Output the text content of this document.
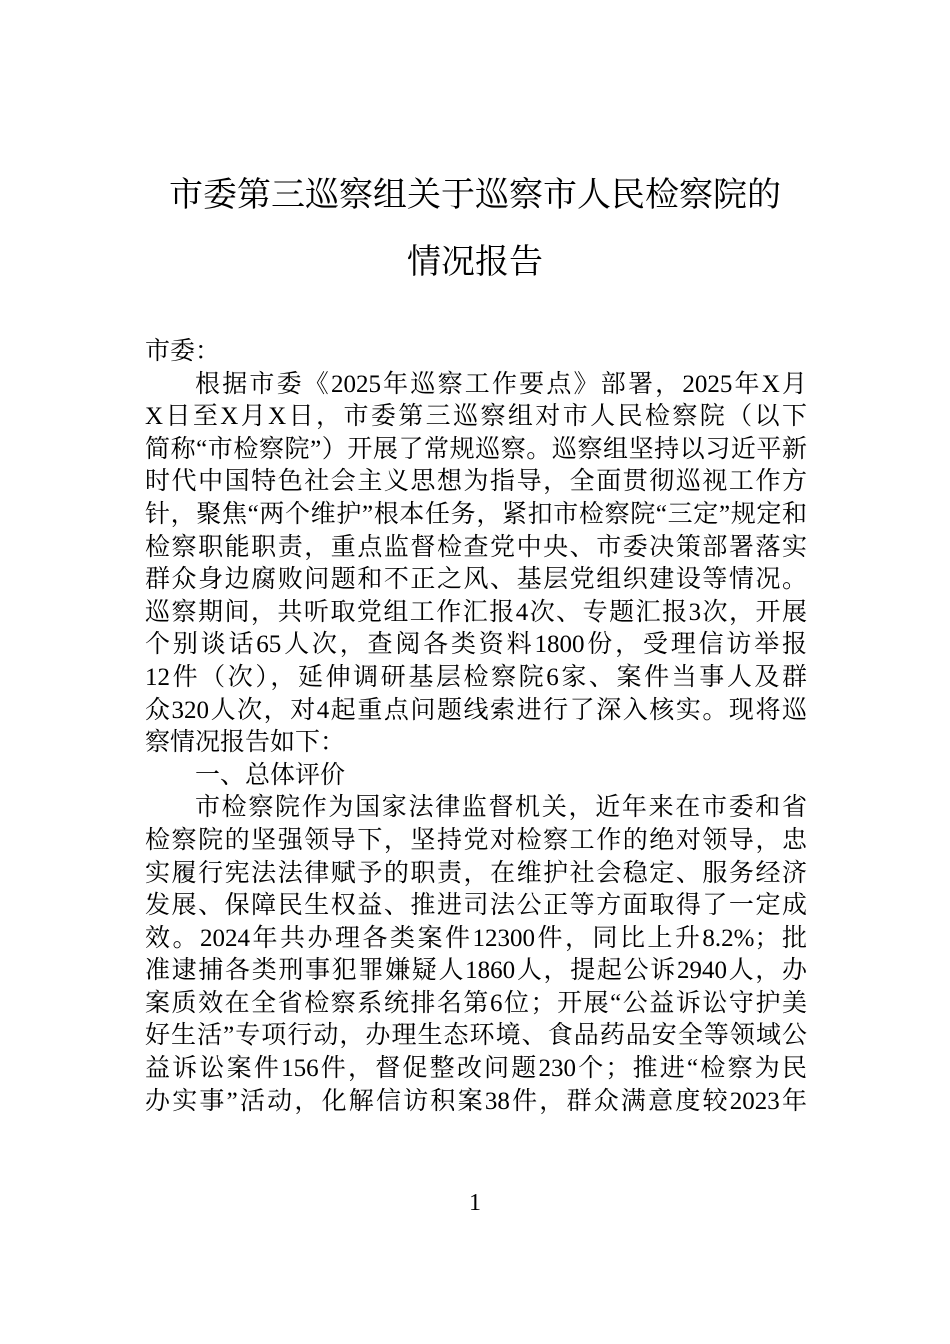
市委第三巡察组关于巡察市人民检察院的
情况报告
市委：
根据市委《2025年巡察工作要点》部署，2025年X月
X日至X月X日，市委第三巡察组对市人民检察院（以下
简称“市检察院”）开展了常规巡察。巡察组坚持以习近平新
时代中国特色社会主义思想为指导，全面贯彻巡视工作方
针，聚焦“两个维护”根本任务，紧扣市检察院“三定”规定和
检察职能职责，重点监督检查党中央、市委决策部署落实
群众身边腐败问题和不正之风、基层党组织建设等情况。
巡察期间，共听取党组工作汇报4次、专题汇报3次，开展
个别谈话65人次，查阅各类资料1800份，受理信访举报
12件（次），延伸调研基层检察院6家、案件当事人及群
众320人次，对4起重点问题线索进行了深入核实。现将巡
察情况报告如下：
一、总体评价
市检察院作为国家法律监督机关，近年来在市委和省
检察院的坚强领导下，坚持党对检察工作的绝对领导，忠
实履行宪法法律赋予的职责，在维护社会稳定、服务经济
发展、保障民生权益、推进司法公正等方面取得了一定成
效。2024年共办理各类案件12300件，同比上升8.2%；批
准逮捕各类刑事犯罪嫌疑人1860人，提起公诉2940人，办
案质效在全省检察系统排名第6位；开展“公益诉讼守护美
好生活”专项行动，办理生态环境、食品药品安全等领域公
益诉讼案件156件，督促整改问题230个；推进“检察为民
办实事”活动，化解信访积案38件，群众满意度较2023年
1
